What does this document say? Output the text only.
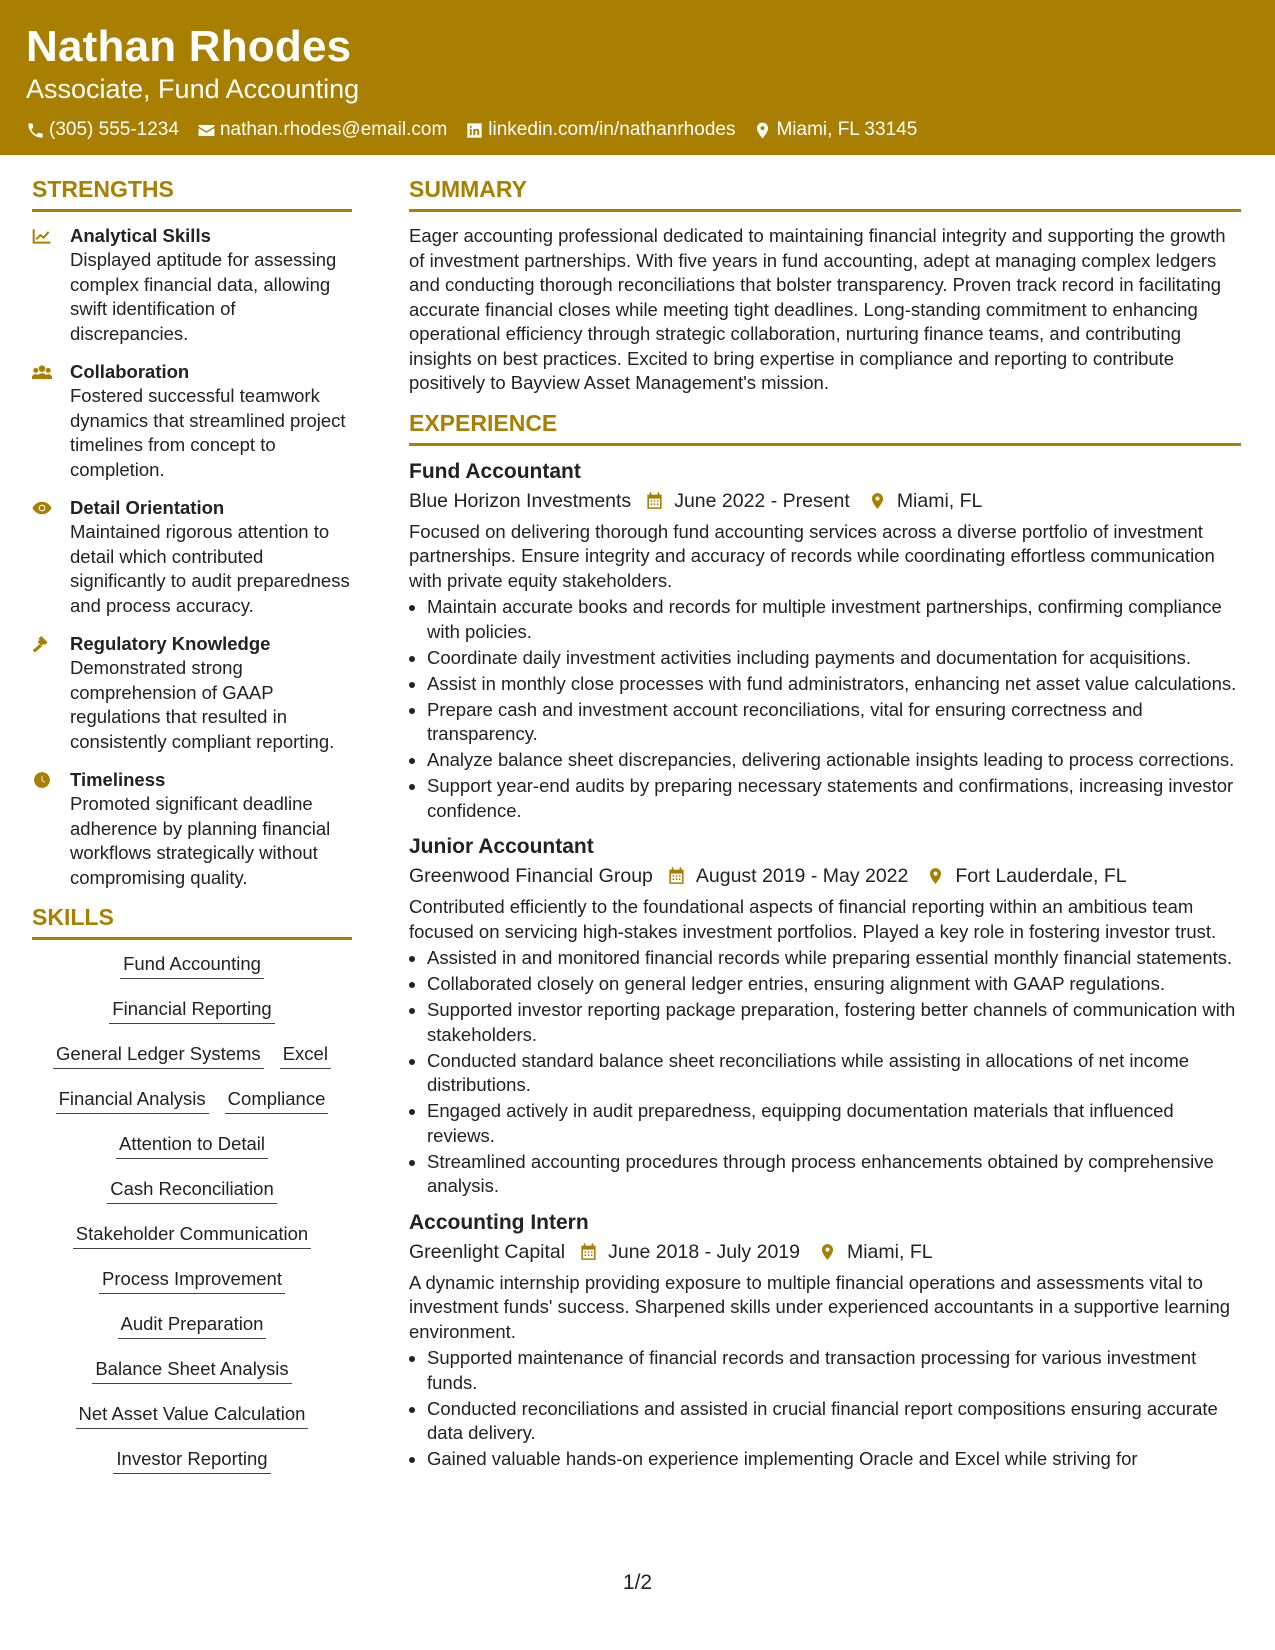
Nathan Rhodes
Associate, Fund Accounting
(305) 555-1234 nathan.rhodes@email.com linkedin.com/in/nathanrhodes Miami, FL 33145
STRENGTHS
Analytical Skills
Displayed aptitude for assessing complex financial data, allowing swift identification of discrepancies.
Collaboration
Fostered successful teamwork dynamics that streamlined project timelines from concept to completion.
Detail Orientation
Maintained rigorous attention to detail which contributed significantly to audit preparedness and process accuracy.
Regulatory Knowledge
Demonstrated strong comprehension of GAAP regulations that resulted in consistently compliant reporting.
Timeliness
Promoted significant deadline adherence by planning financial workflows strategically without compromising quality.
SKILLS
Fund Accounting
Financial Reporting
General Ledger Systems Excel
Financial Analysis Compliance
Attention to Detail
Cash Reconciliation
Stakeholder Communication
Process Improvement
Audit Preparation
Balance Sheet Analysis
Net Asset Value Calculation
Investor Reporting
SUMMARY
Eager accounting professional dedicated to maintaining financial integrity and supporting the growth of investment partnerships. With five years in fund accounting, adept at managing complex ledgers and conducting thorough reconciliations that bolster transparency. Proven track record in facilitating accurate financial closes while meeting tight deadlines. Long-standing commitment to enhancing operational efficiency through strategic collaboration, nurturing finance teams, and contributing insights on best practices. Excited to bring expertise in compliance and reporting to contribute positively to Bayview Asset Management's mission.
EXPERIENCE
Fund Accountant
Blue Horizon Investments June 2022 - Present Miami, FL
Focused on delivering thorough fund accounting services across a diverse portfolio of investment partnerships. Ensure integrity and accuracy of records while coordinating effortless communication with private equity stakeholders.
• Maintain accurate books and records for multiple investment partnerships, confirming compliance with policies.
• Coordinate daily investment activities including payments and documentation for acquisitions.
• Assist in monthly close processes with fund administrators, enhancing net asset value calculations.
• Prepare cash and investment account reconciliations, vital for ensuring correctness and transparency.
• Analyze balance sheet discrepancies, delivering actionable insights leading to process corrections.
• Support year-end audits by preparing necessary statements and confirmations, increasing investor confidence.
Junior Accountant
Greenwood Financial Group August 2019 - May 2022 Fort Lauderdale, FL
Contributed efficiently to the foundational aspects of financial reporting within an ambitious team focused on servicing high-stakes investment portfolios. Played a key role in fostering investor trust.
• Assisted in and monitored financial records while preparing essential monthly financial statements.
• Collaborated closely on general ledger entries, ensuring alignment with GAAP regulations.
• Supported investor reporting package preparation, fostering better channels of communication with stakeholders.
• Conducted standard balance sheet reconciliations while assisting in allocations of net income distributions.
• Engaged actively in audit preparedness, equipping documentation materials that influenced reviews.
• Streamlined accounting procedures through process enhancements obtained by comprehensive analysis.
Accounting Intern
Greenlight Capital June 2018 - July 2019 Miami, FL
A dynamic internship providing exposure to multiple financial operations and assessments vital to investment funds' success. Sharpened skills under experienced accountants in a supportive learning environment.
• Supported maintenance of financial records and transaction processing for various investment funds.
• Conducted reconciliations and assisted in crucial financial report compositions ensuring accurate data delivery.
• Gained valuable hands-on experience implementing Oracle and Excel while striving for
1/2
